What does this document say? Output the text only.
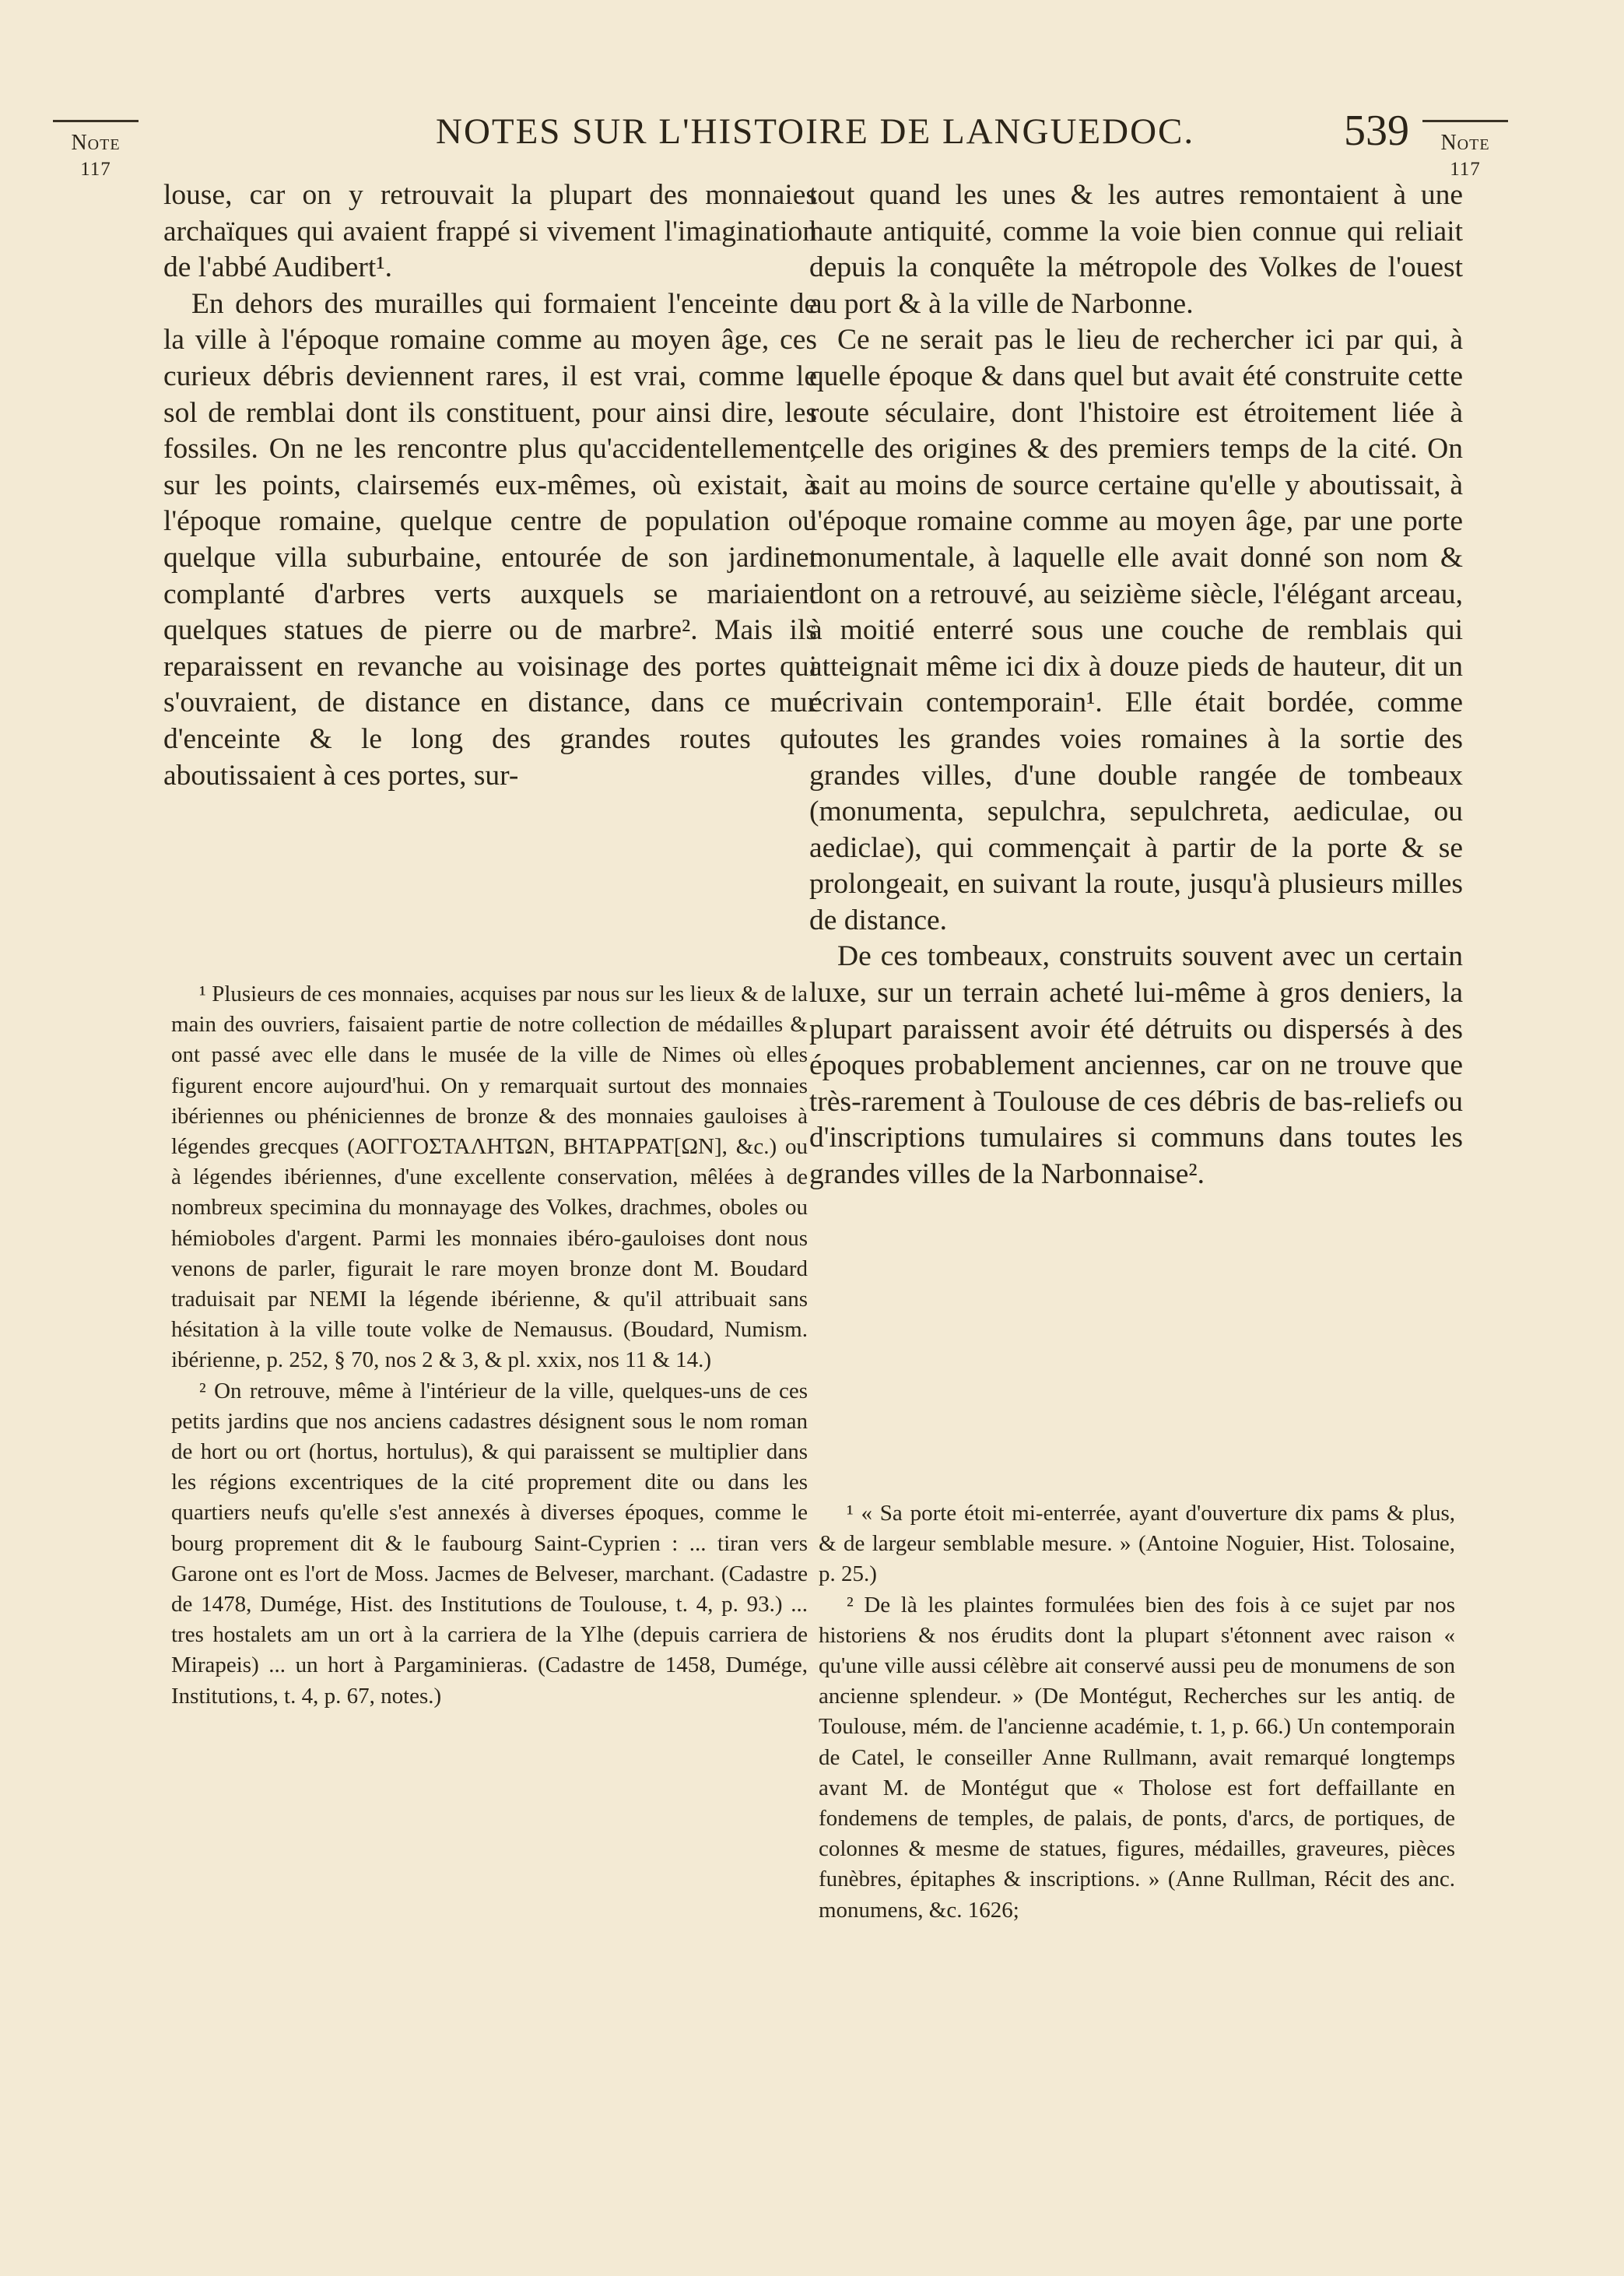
Note
117
NOTES SUR L'HISTOIRE DE LANGUEDOC.	539	Note
117

louse, car on y retrouvait la plupart des monnaies archaïques qui avaient frappé si vivement l'imagination de l'abbé Audibert¹.

En dehors des murailles qui formaient l'enceinte de la ville à l'époque romaine comme au moyen âge, ces curieux débris deviennent rares, il est vrai, comme le sol de remblai dont ils constituent, pour ainsi dire, les fossiles. On ne les rencontre plus qu'accidentellement, sur les points, clairsemés eux-mêmes, où existait, à l'époque romaine, quelque centre de population ou quelque villa suburbaine, entourée de son jardinet complanté d'arbres verts auxquels se mariaient quelques statues de pierre ou de marbre². Mais ils reparaissent en revanche au voisinage des portes qui s'ouvraient, de distance en distance, dans ce mur d'enceinte & le long des grandes routes qui aboutissaient à ces portes, sur-

tout quand les unes & les autres remontaient à une haute antiquité, comme la voie bien connue qui reliait depuis la conquête la métropole des Volkes de l'ouest au port & à la ville de Narbonne.

Ce ne serait pas le lieu de rechercher ici par qui, à quelle époque & dans quel but avait été construite cette route séculaire, dont l'histoire est étroitement liée à celle des origines & des premiers temps de la cité. On sait au moins de source certaine qu'elle y aboutissait, à l'époque romaine comme au moyen âge, par une porte monumentale, à laquelle elle avait donné son nom & dont on a retrouvé, au seizième siècle, l'élégant arceau, à moitié enterré sous une couche de remblais qui atteignait même ici dix à douze pieds de hauteur, dit un écrivain contemporain¹. Elle était bordée, comme toutes les grandes voies romaines à la sortie des grandes villes, d'une double rangée de tombeaux (monumenta, sepulchra, sepulchreta, aediculae, ou aediclae), qui commençait à partir de la porte & se prolongeait, en suivant la route, jusqu'à plusieurs milles de distance.

De ces tombeaux, construits souvent avec un certain luxe, sur un terrain acheté lui-même à gros deniers, la plupart paraissent avoir été détruits ou dispersés à des époques probablement anciennes, car on ne trouve que très-rarement à Toulouse de ces débris de bas-reliefs ou d'inscriptions tumulaires si communs dans toutes les grandes villes de la Narbonnaise².

¹ Plusieurs de ces monnaies, acquises par nous sur les lieux & de la main des ouvriers, faisaient partie de notre collection de médailles & ont passé avec elle dans le musée de la ville de Nimes où elles figurent encore aujourd'hui. On y remarquait surtout des monnaies ibériennes ou phéniciennes de bronze & des monnaies gauloises à légendes grecques (ΑΟΓΓΟΣΤΑΛΗΤΩΝ, ΒΗΤΑΡΡΑΤ[ΩΝ], &c.) ou à légendes ibériennes, d'une excellente conservation, mêlées à de nombreux specimina du monnayage des Volkes, drachmes, oboles ou hémioboles d'argent. Parmi les monnaies ibéro-gauloises dont nous venons de parler, figurait le rare moyen bronze dont M. Boudard traduisait par NEMI la légende ibérienne, & qu'il attribuait sans hésitation à la ville toute volke de Nemausus. (Boudard, Numism. ibérienne, p. 252, § 70, nos 2 & 3, & pl. xxix, nos 11 & 14.)

² On retrouve, même à l'intérieur de la ville, quelques-uns de ces petits jardins que nos anciens cadastres désignent sous le nom roman de hort ou ort (hortus, hortulus), & qui paraissent se multiplier dans les régions excentriques de la cité proprement dite ou dans les quartiers neufs qu'elle s'est annexés à diverses époques, comme le bourg proprement dit & le faubourg Saint-Cyprien : ... tiran vers Garone ont es l'ort de Moss. Jacmes de Belveser, marchant. (Cadastre de 1478, Dumége, Hist. des Institutions de Toulouse, t. 4, p. 93.) ... tres hostalets am un ort à la carriera de la Ylhe (depuis carriera de Mirapeis) ... un hort à Pargaminieras. (Cadastre de 1458, Dumége, Institutions, t. 4, p. 67, notes.)

¹ « Sa porte étoit mi-enterrée, ayant d'ouverture dix pams & plus, & de largeur semblable mesure. » (Antoine Noguier, Hist. Tolosaine, p. 25.)

² De là les plaintes formulées bien des fois à ce sujet par nos historiens & nos érudits dont la plupart s'étonnent avec raison « qu'une ville aussi célèbre ait conservé aussi peu de monumens de son ancienne splendeur. » (De Montégut, Recherches sur les antiq. de Toulouse, mém. de l'ancienne académie, t. 1, p. 66.) Un contemporain de Catel, le conseiller Anne Rullmann, avait remarqué longtemps avant M. de Montégut que « Tholose est fort deffaillante en fondemens de temples, de palais, de ponts, d'arcs, de portiques, de colonnes & mesme de statues, figures, médailles, graveures, pièces funèbres, épitaphes & inscriptions. » (Anne Rullman, Récit des anc. monumens, &c. 1626;
